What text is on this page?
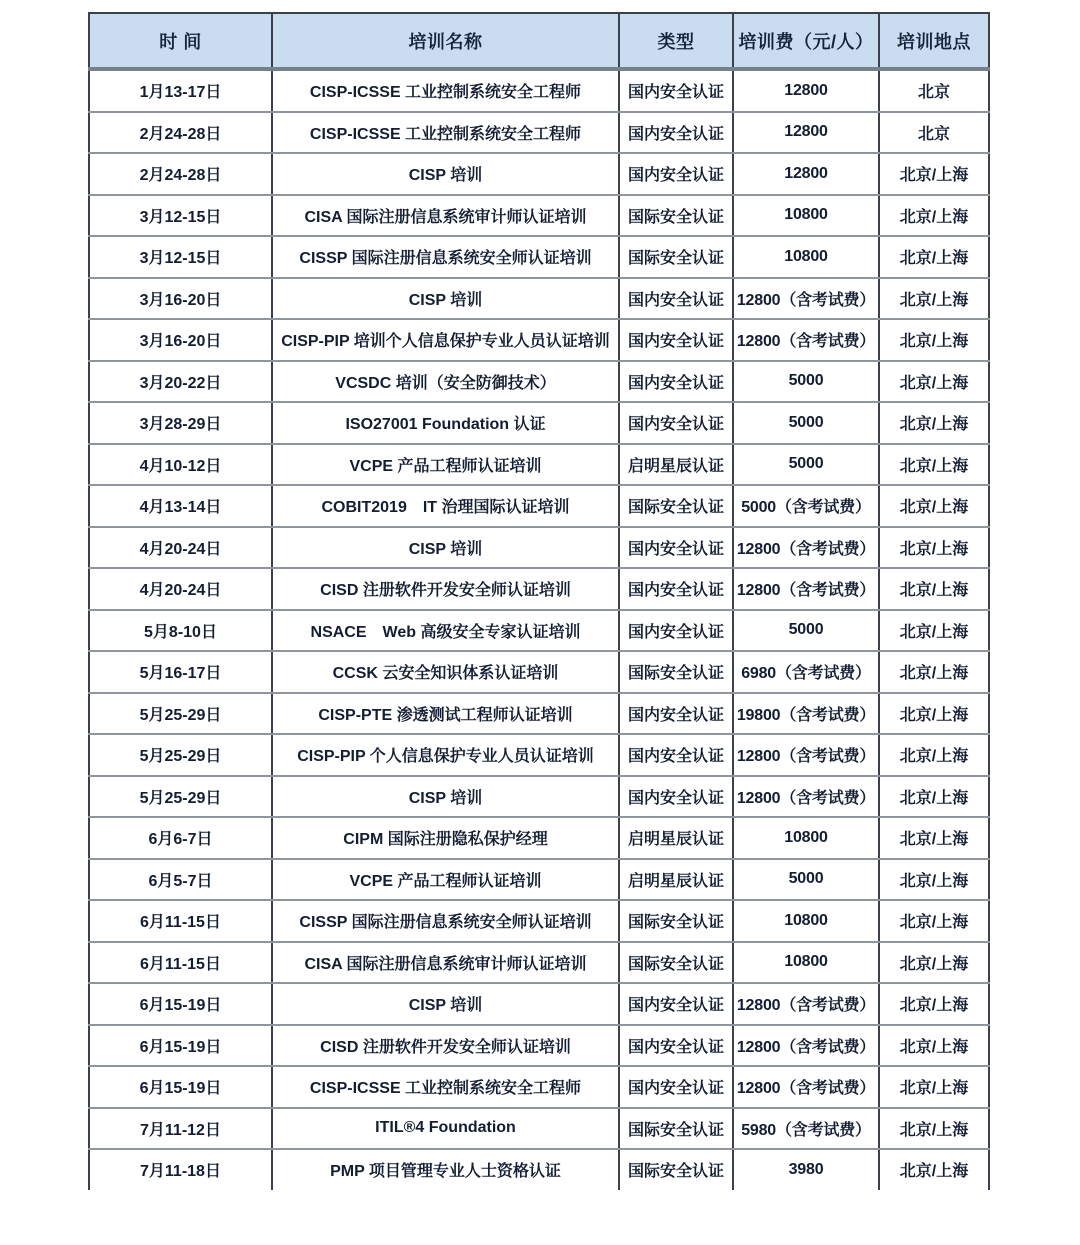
时 间	培训名称	类型	培训费（元/人）	培训地点
1月13-17日	CISP-ICSSE 工业控制系统安全工程师	国内安全认证	12800	北京
2月24-28日	CISP-ICSSE 工业控制系统安全工程师	国内安全认证	12800	北京
2月24-28日	CISP 培训	国内安全认证	12800	北京/上海
3月12-15日	CISA 国际注册信息系统审计师认证培训	国际安全认证	10800	北京/上海
3月12-15日	CISSP 国际注册信息系统安全师认证培训	国际安全认证	10800	北京/上海
3月16-20日	CISP 培训	国内安全认证	12800（含考试费）	北京/上海
3月16-20日	CISP-PIP 培训个人信息保护专业人员认证培训	国内安全认证	12800（含考试费）	北京/上海
3月20-22日	VCSDC 培训（安全防御技术）	国内安全认证	5000	北京/上海
3月28-29日	ISO27001 Foundation 认证	国内安全认证	5000	北京/上海
4月10-12日	VCPE 产品工程师认证培训	启明星辰认证	5000	北京/上海
4月13-14日	COBIT2019　IT 治理国际认证培训	国际安全认证	5000（含考试费）	北京/上海
4月20-24日	CISP 培训	国内安全认证	12800（含考试费）	北京/上海
4月20-24日	CISD 注册软件开发安全师认证培训	国内安全认证	12800（含考试费）	北京/上海
5月8-10日	NSACE　Web 高级安全专家认证培训	国内安全认证	5000	北京/上海
5月16-17日	CCSK 云安全知识体系认证培训	国际安全认证	6980（含考试费）	北京/上海
5月25-29日	CISP-PTE 渗透测试工程师认证培训	国内安全认证	19800（含考试费）	北京/上海
5月25-29日	CISP-PIP 个人信息保护专业人员认证培训	国内安全认证	12800（含考试费）	北京/上海
5月25-29日	CISP 培训	国内安全认证	12800（含考试费）	北京/上海
6月6-7日	CIPM 国际注册隐私保护经理	启明星辰认证	10800	北京/上海
6月5-7日	VCPE 产品工程师认证培训	启明星辰认证	5000	北京/上海
6月11-15日	CISSP 国际注册信息系统安全师认证培训	国际安全认证	10800	北京/上海
6月11-15日	CISA 国际注册信息系统审计师认证培训	国际安全认证	10800	北京/上海
6月15-19日	CISP 培训	国内安全认证	12800（含考试费）	北京/上海
6月15-19日	CISD 注册软件开发安全师认证培训	国内安全认证	12800（含考试费）	北京/上海
6月15-19日	CISP-ICSSE 工业控制系统安全工程师	国内安全认证	12800（含考试费）	北京/上海
7月11-12日	ITIL®4 Foundation	国际安全认证	5980（含考试费）	北京/上海
7月11-18日	PMP 项目管理专业人士资格认证	国际安全认证	3980	北京/上海
